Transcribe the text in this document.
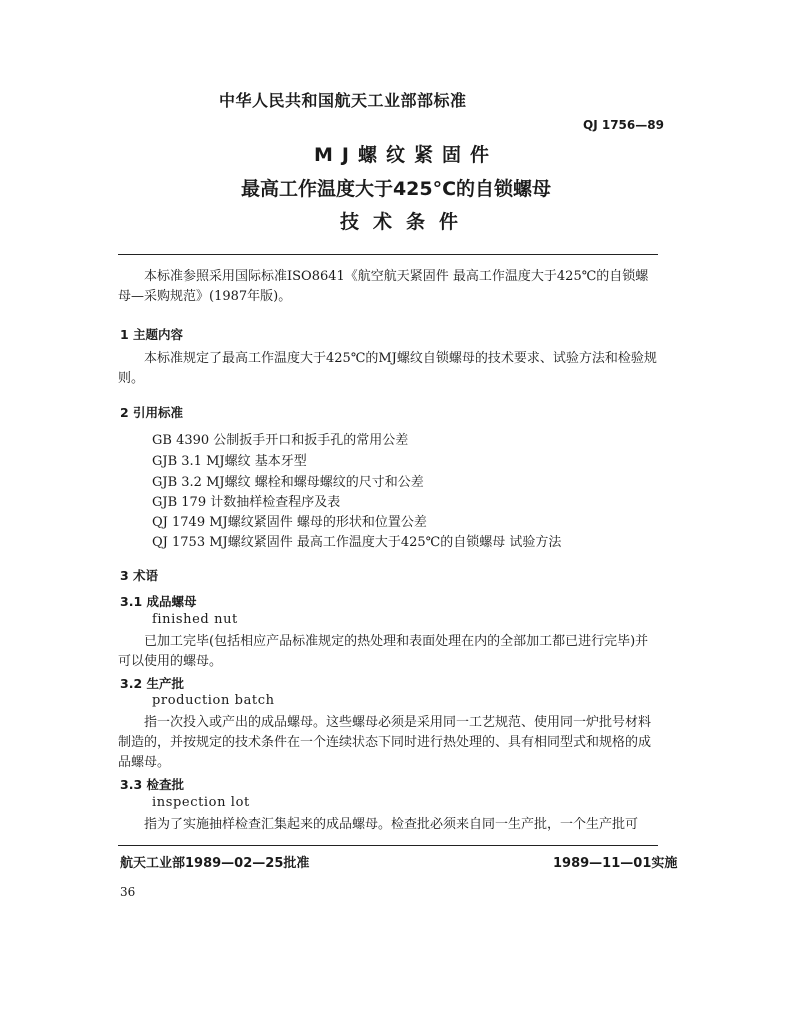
中华人民共和国航天工业部部标准
QJ 1756—89
MJ螺纹紧固件
最高工作温度大于425°C的自锁螺母
技术条件
本标准参照采用国际标准ISO8641《航空航天紧固件 最高工作温度大于425℃的自锁螺母—采购规范》(1987年版)。
1 主题内容
本标准规定了最高工作温度大于425℃的MJ螺纹自锁螺母的技术要求、试验方法和检验规则。
2 引用标准
GB 4390 公制扳手开口和扳手孔的常用公差
GJB 3.1 MJ螺纹 基本牙型
GJB 3.2 MJ螺纹 螺栓和螺母螺纹的尺寸和公差
GJB 179 计数抽样检查程序及表
QJ 1749 MJ螺纹紧固件 螺母的形状和位置公差
QJ 1753 MJ螺纹紧固件 最高工作温度大于425℃的自锁螺母 试验方法
3 术语
3.1 成品螺母
finished nut
已加工完毕(包括相应产品标准规定的热处理和表面处理在内的全部加工都已进行完毕)并可以使用的螺母。
3.2 生产批
production batch
指一次投入或产出的成品螺母。这些螺母必须是采用同一工艺规范、使用同一炉批号材料制造的，并按规定的技术条件在一个连续状态下同时进行热处理的、具有相同型式和规格的成品螺母。
3.3 检查批
inspection lot
指为了实施抽样检查汇集起来的成品螺母。检查批必须来自同一生产批，一个生产批可
航天工业部1989—02—25批准	1989—11—01实施
36
